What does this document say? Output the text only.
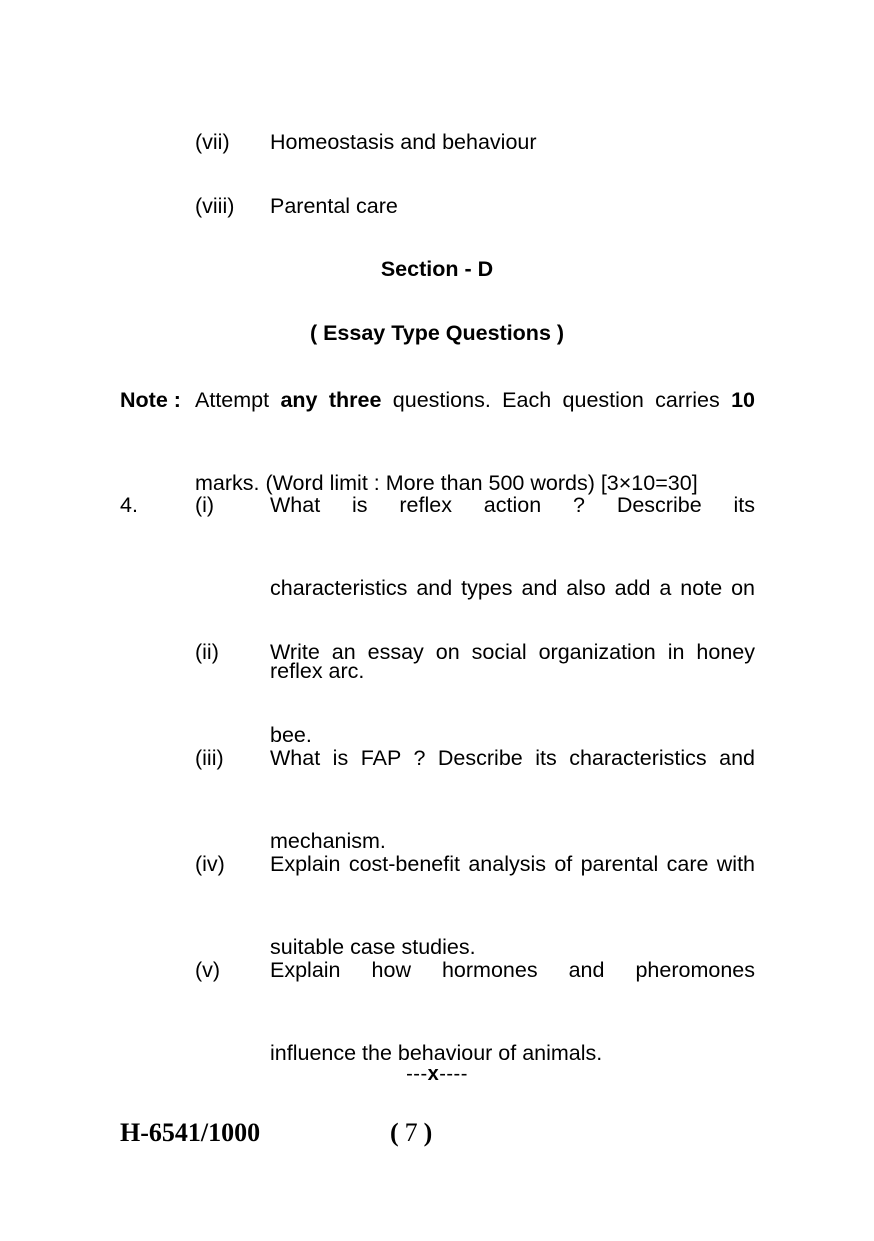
(vii)	Homeostasis and behaviour
(viii)	Parental care
Section - D
( Essay Type Questions )
Note : Attempt any three questions. Each question carries 10
marks. (Word limit : More than 500 words) [3×10=30]
4.	(i)	What is reflex action ? Describe its
characteristics and types and also add a note on
reflex arc.
(ii)	Write an essay on social organization in honey
bee.
(iii)	What is FAP ? Describe its characteristics and
mechanism.
(iv)	Explain cost-benefit analysis of parental care with
suitable case studies.
(v)	Explain how hormones and pheromones
influence the behaviour of animals.
---x----
H-6541/1000	( 7 )
